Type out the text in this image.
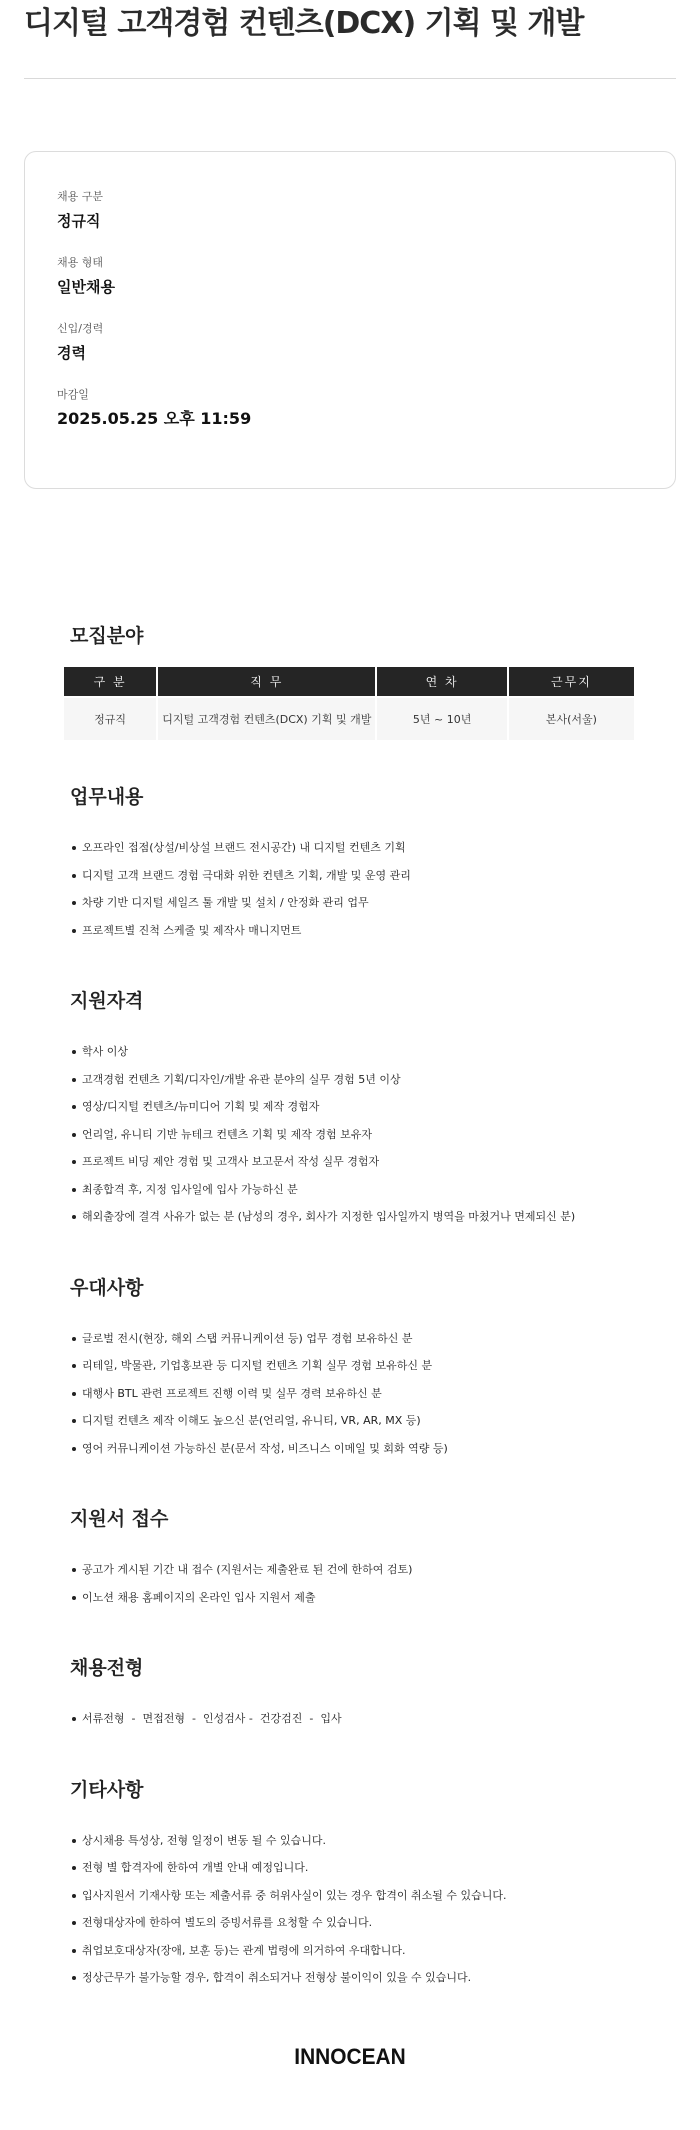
디지털 고객경험 컨텐츠(DCX) 기획 및 개발
채용 구분
정규직
채용 형태
일반채용
신입/경력
경력
마감일
2025.05.25 오후 11:59
모집분야
구 분	직 무	연 차	근무지
정규직	디지털 고객경험 컨텐츠(DCX) 기획 및 개발	5년 ~ 10년	본사(서울)
업무내용
오프라인 접점(상설/비상설 브랜드 전시공간) 내 디지털 컨텐츠 기획
디지털 고객 브랜드 경험 극대화 위한 컨텐츠 기획, 개발 및 운영 관리
차량 기반 디지털 세일즈 툴 개발 및 설치 / 안정화 관리 업무
프로젝트별 진척 스케줄 및 제작사 매니지먼트
지원자격
학사 이상
고객경험 컨텐츠 기획/디자인/개발 유관 분야의 실무 경험 5년 이상
영상/디지털 컨텐츠/뉴미디어 기획 및 제작 경험자
언리얼, 유니티 기반 뉴테크 컨텐츠 기획 및 제작 경험 보유자
프로젝트 비딩 제안 경험 및 고객사 보고문서 작성 실무 경험자
최종합격 후, 지정 입사일에 입사 가능하신 분
해외출장에 결격 사유가 없는 분 (남성의 경우, 회사가 지정한 입사일까지 병역을 마쳤거나 면제되신 분)
우대사항
글로벌 전시(현장, 해외 스탭 커뮤니케이션 등) 업무 경험 보유하신 분
리테일, 박물관, 기업홍보관 등 디지털 컨텐츠 기획 실무 경험 보유하신 분
대행사 BTL 관련 프로젝트 진행 이력 및 실무 경력 보유하신 분
디지털 컨텐츠 제작 이해도 높으신 분(언리얼, 유니티, VR, AR, MX 등)
영어 커뮤니케이션 가능하신 분(문서 작성, 비즈니스 이메일 및 회화 역량 등)
지원서 접수
공고가 게시된 기간 내 접수 (지원서는 제출완료 된 건에 한하여 검토)
이노션 채용 홈페이지의 온라인 입사 지원서 제출
채용전형
서류전형  -  면접전형  -  인성검사 -  건강검진  -  입사
기타사항
상시채용 특성상, 전형 일정이 변동 될 수 있습니다.
전형 별 합격자에 한하여 개별 안내 예정입니다.
입사지원서 기재사항 또는 제출서류 중 허위사실이 있는 경우 합격이 취소될 수 있습니다.
전형대상자에 한하여 별도의 증빙서류를 요청할 수 있습니다.
취업보호대상자(장애, 보훈 등)는 관계 법령에 의거하여 우대합니다.
정상근무가 불가능할 경우, 합격이 취소되거나 전형상 불이익이 있을 수 있습니다.
INNOCEAN
